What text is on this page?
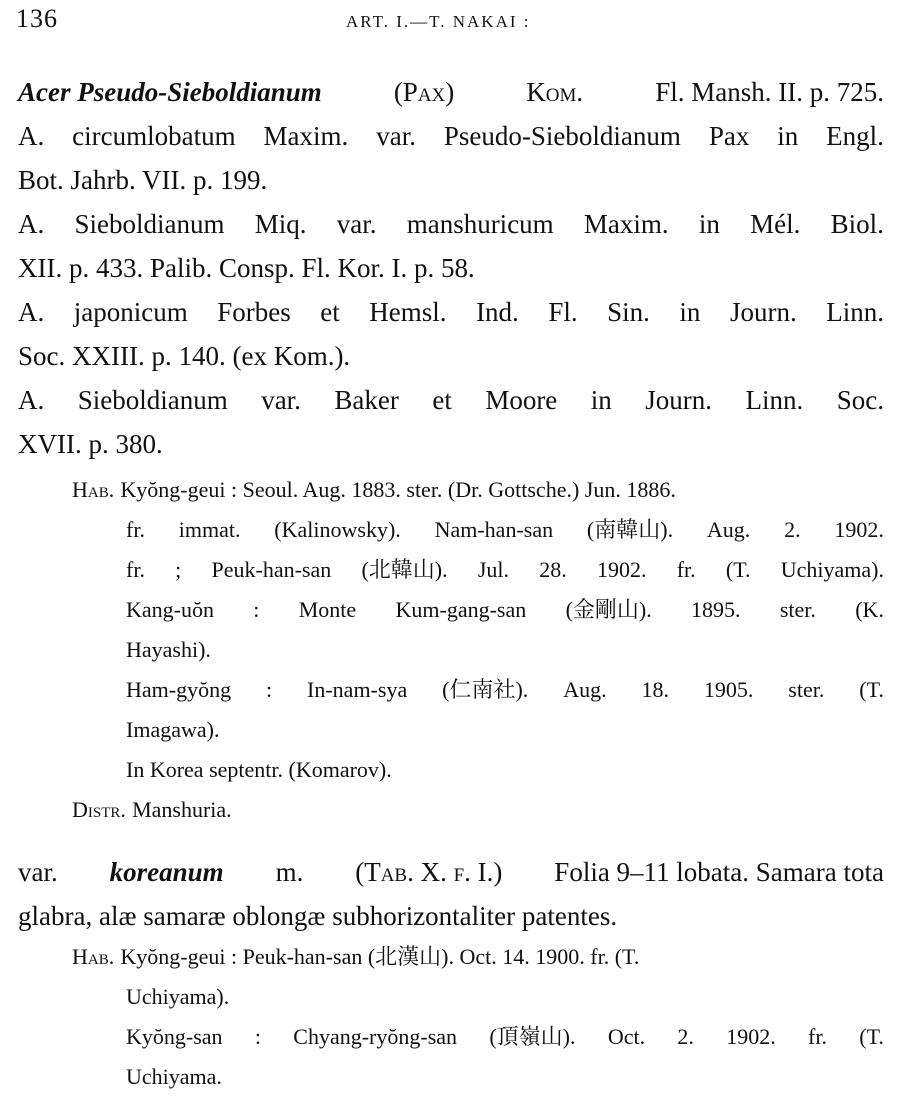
136	ART. I.—T. NAKAI :
Acer Pseudo-Sieboldianum	(Pax)	Kom.	Fl. Mansh. II. p. 725.
A. circumlobatum Maxim. var. Pseudo-Sieboldianum Pax in Engl.
Bot. Jahrb. VII. p. 199.
A. Sieboldianum Miq. var. manshuricum Maxim. in Mél. Biol.
XII. p. 433. Palib. Consp. Fl. Kor. I. p. 58.
A. japonicum Forbes et Hemsl. Ind. Fl. Sin. in Journ. Linn.
Soc. XXIII. p. 140. (ex Kom.).
A. Sieboldianum var. Baker et Moore in Journ. Linn. Soc.
XVII. p. 380.
Hab. Kyŏng-geui : Seoul. Aug. 1883. ster. (Dr. Gottsche.) Jun. 1886.
fr. immat. (Kalinowsky). Nam-han-san (南韓山). Aug. 2. 1902.
fr. ; Peuk-han-san (北韓山). Jul. 28. 1902. fr. (T. Uchiyama).
Kang-uŏn : Monte Kum-gang-san (金剛山). 1895. ster. (K.
Hayashi).
Ham-gyŏng : In-nam-sya (仁南社). Aug. 18. 1905. ster. (T.
Imagawa).
In Korea septentr. (Komarov).
Distr. Manshuria.
var. koreanum m. (Tab. X. f. I.) Folia 9–11 lobata. Samara tota
glabra, alæ samaræ oblongæ subhorizontaliter patentes.
Hab. Kyŏng-geui : Peuk-han-san (北漢山). Oct. 14. 1900. fr. (T.
Uchiyama).
Kyŏng-san : Chyang-ryŏng-san (頂嶺山). Oct. 2. 1902. fr. (T.
Uchiyama.
